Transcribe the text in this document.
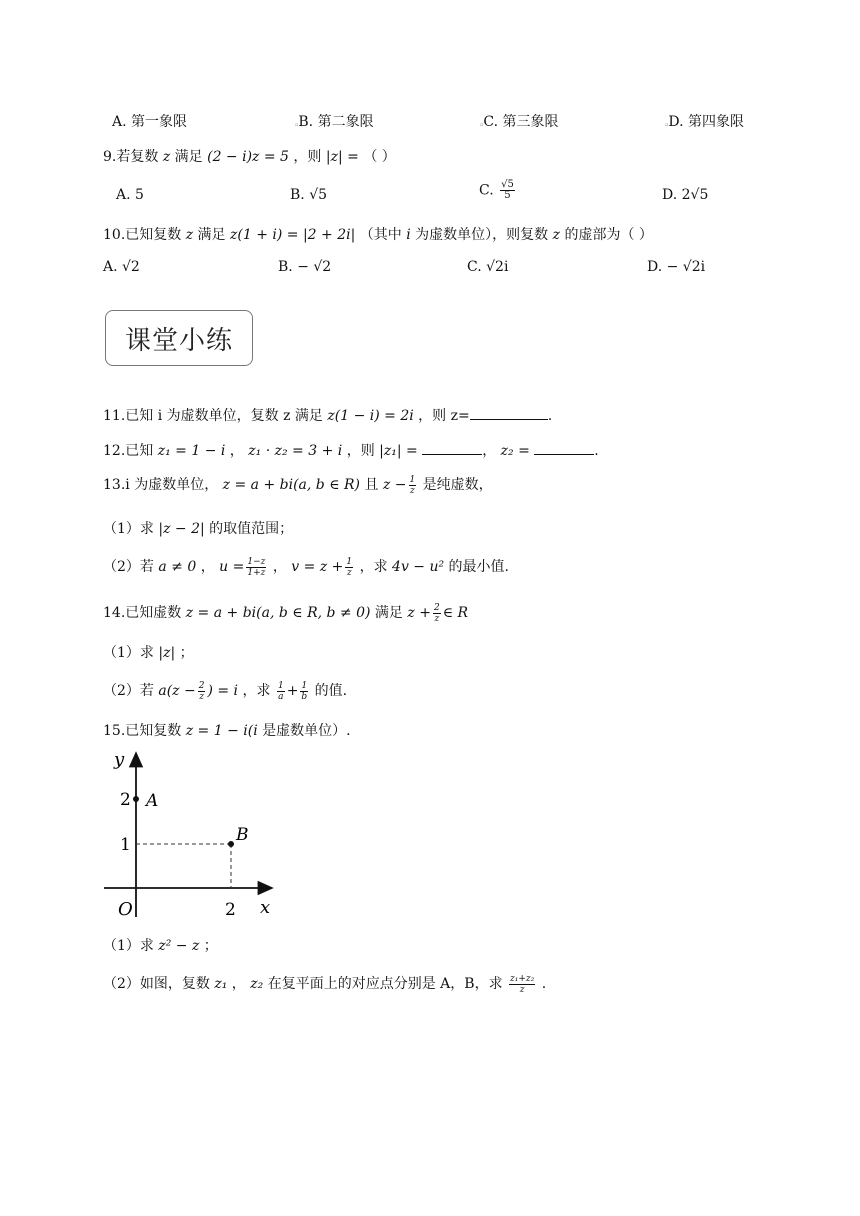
A. 第一象限	▫B. 第二象限	▫C. 第三象限	▫D. 第四象限
9.若复数 z 满足 (2 − i)z = 5 ，则 |z| = （ ）
A. 5	B. √5	C. $\frac{√5}{5}$	D. 2√5
10.已知复数 z 满足 z(1 + i) = |2 + 2i| （其中 i 为虚数单位），则复数 z 的虚部为（ ）
A. √2	B. − √2	C. √2i	D. − √2i
课堂小练
11.已知 i 为虚数单位，复数 z 满足 z(1 − i) = 2i ，则 z=	.
12.已知 z₁ = 1 − i ， z₁ · z₂ = 3 + i ，则 |z₁| =	， z₂ =	.
13.i 为虚数单位， z = a + bi(a, b ∈ R) 且 $z - \frac{1}{z}$ 是纯虚数，
（1）求 |z − 2| 的取值范围；
（2）若 a ≠ 0 ， $u = \frac{1-z}{1+z}$ ， $v = z + \frac{1}{z}$ ，求 4v − u² 的最小值.
14.已知虚数 z = a + bi(a, b ∈ R, b ≠ 0) 满足 $z + \frac{2}{z}$ ∈ R
（1）求 |z| ；
（2）若 $a(z - \frac{2}{z}$ ) = i ，求 $\frac{1}{a} + \frac{1}{b}$ 的值.
15.已知复数 z = 1 − i(i 是虚数单位）.
y
x
O
A
B
2
1
2
（1）求 z² − z ；
（2）如图，复数 z₁ ， z₂ 在复平面上的对应点分别是 A，B，求 $\frac{\text{z₁+z₂}}{z}$ .
